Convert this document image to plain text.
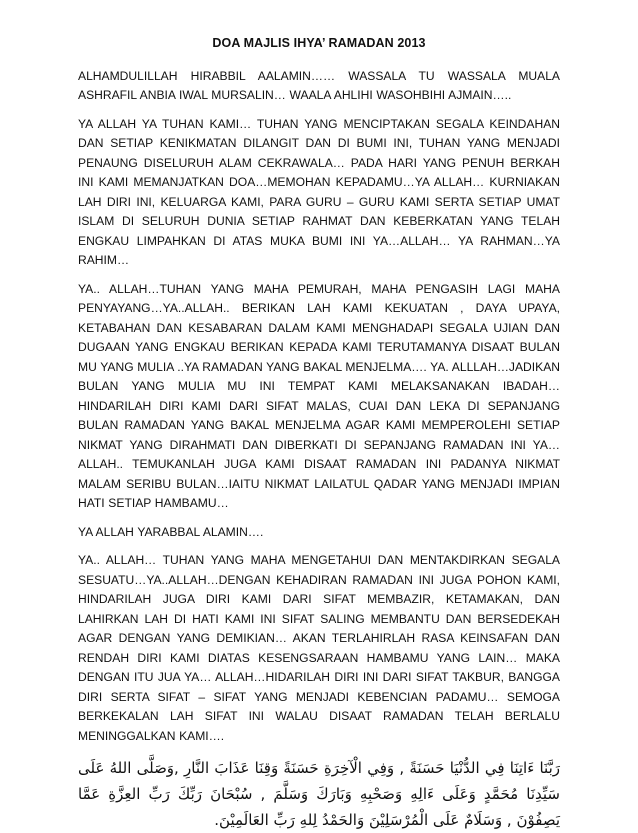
DOA MAJLIS IHYA’ RAMADAN 2013

ALHAMDULILLAH HIRABBIL AALAMIN…… WASSALA TU WASSALA MUALA ASHRAFIL ANBIA IWAL MURSALIN… WAALA AHLIHI WASOHBIHI AJMAIN…..

YA ALLAH YA TUHAN KAMI… TUHAN YANG MENCIPTAKAN SEGALA KEINDAHAN DAN SETIAP KENIKMATAN DILANGIT DAN DI BUMI INI, TUHAN YANG MENJADI PENAUNG DISELURUH ALAM CEKRAWALA… PADA HARI YANG PENUH BERKAH INI KAMI MEMANJATKAN DOA…MEMOHAN KEPADAMU…YA ALLAH… KURNIAKAN LAH DIRI INI, KELUARGA KAMI, PARA GURU – GURU KAMI SERTA SETIAP UMAT ISLAM DI SELURUH DUNIA SETIAP RAHMAT DAN KEBERKATAN YANG TELAH ENGKAU LIMPAHKAN DI ATAS MUKA BUMI INI YA…ALLAH… YA RAHMAN…YA RAHIM…

YA.. ALLAH…TUHAN YANG MAHA PEMURAH, MAHA PENGASIH LAGI MAHA PENYAYANG…YA..ALLAH.. BERIKAN LAH KAMI KEKUATAN , DAYA UPAYA, KETABAHAN DAN KESABARAN DALAM KAMI MENGHADAPI SEGALA UJIAN DAN DUGAAN YANG ENGKAU BERIKAN KEPADA KAMI TERUTAMANYA DISAAT BULAN MU YANG MULIA ..YA RAMADAN YANG BAKAL MENJELMA…. YA. ALLLAH…JADIKAN BULAN YANG MULIA MU INI TEMPAT KAMI MELAKSANAKAN IBADAH… HINDARILAH DIRI KAMI DARI SIFAT MALAS, CUAI DAN LEKA DI SEPANJANG BULAN RAMADAN YANG BAKAL MENJELMA AGAR KAMI MEMPEROLEHI SETIAP NIKMAT YANG DIRAHMATI DAN DIBERKATI DI SEPANJANG RAMADAN INI YA…ALLAH.. TEMUKANLAH JUGA KAMI DISAAT RAMADAN INI PADANYA NIKMAT MALAM SERIBU BULAN…IAITU NIKMAT LAILATUL QADAR YANG MENJADI IMPIAN HATI SETIAP HAMBAMU…

YA ALLAH YARABBAL ALAMIN….

YA.. ALLAH… TUHAN YANG MAHA MENGETAHUI DAN MENTAKDIRKAN SEGALA SESUATU…YA..ALLAH…DENGAN KEHADIRAN RAMADAN INI JUGA POHON KAMI, HINDARILAH JUGA DIRI KAMI DARI SIFAT MEMBAZIR, KETAMAKAN, DAN LAHIRKAN LAH DI HATI KAMI INI SIFAT SALING MEMBANTU DAN BERSEDEKAH AGAR DENGAN YANG DEMIKIAN… AKAN TERLAHIRLAH RASA KEINSAFAN DAN RENDAH DIRI KAMI DIATAS KESENGSARAAN HAMBAMU YANG LAIN… MAKA DENGAN ITU JUA YA… ALLAH…HIDARILAH DIRI INI DARI SIFAT TAKBUR, BANGGA DIRI SERTA SIFAT – SIFAT YANG MENJADI KEBENCIAN PADAMU… SEMOGA BERKEKALAN LAH SIFAT INI WALAU DISAAT RAMADAN TELAH BERLALU MENINGGALKAN KAMI….

رَبَّنَا ءَاتِنَا فِي الدُّنْيَا حَسَنَةً , وَفِي الْآخِرَةِ حَسَنَةً وَقِنَا عَذَابَ النَّارِ ,وَصَلَّى اللهُ عَلَى سَيِّدِنَا مُحَمَّدٍ وَعَلَى ءَالِهِ وَصَحْبِهِ وَبَارَكَ وَسَلَّمَ , سُبْحَانَ رَبِّكَ رَبِّ العِزَّةِ عَمَّا يَصِفُوْنَ , وَسَلَامٌ عَلَى الْمُرْسَلِيْنَ وَالحَمْدُ لِلهِ رَبِّ العَالَمِيْنَ.
